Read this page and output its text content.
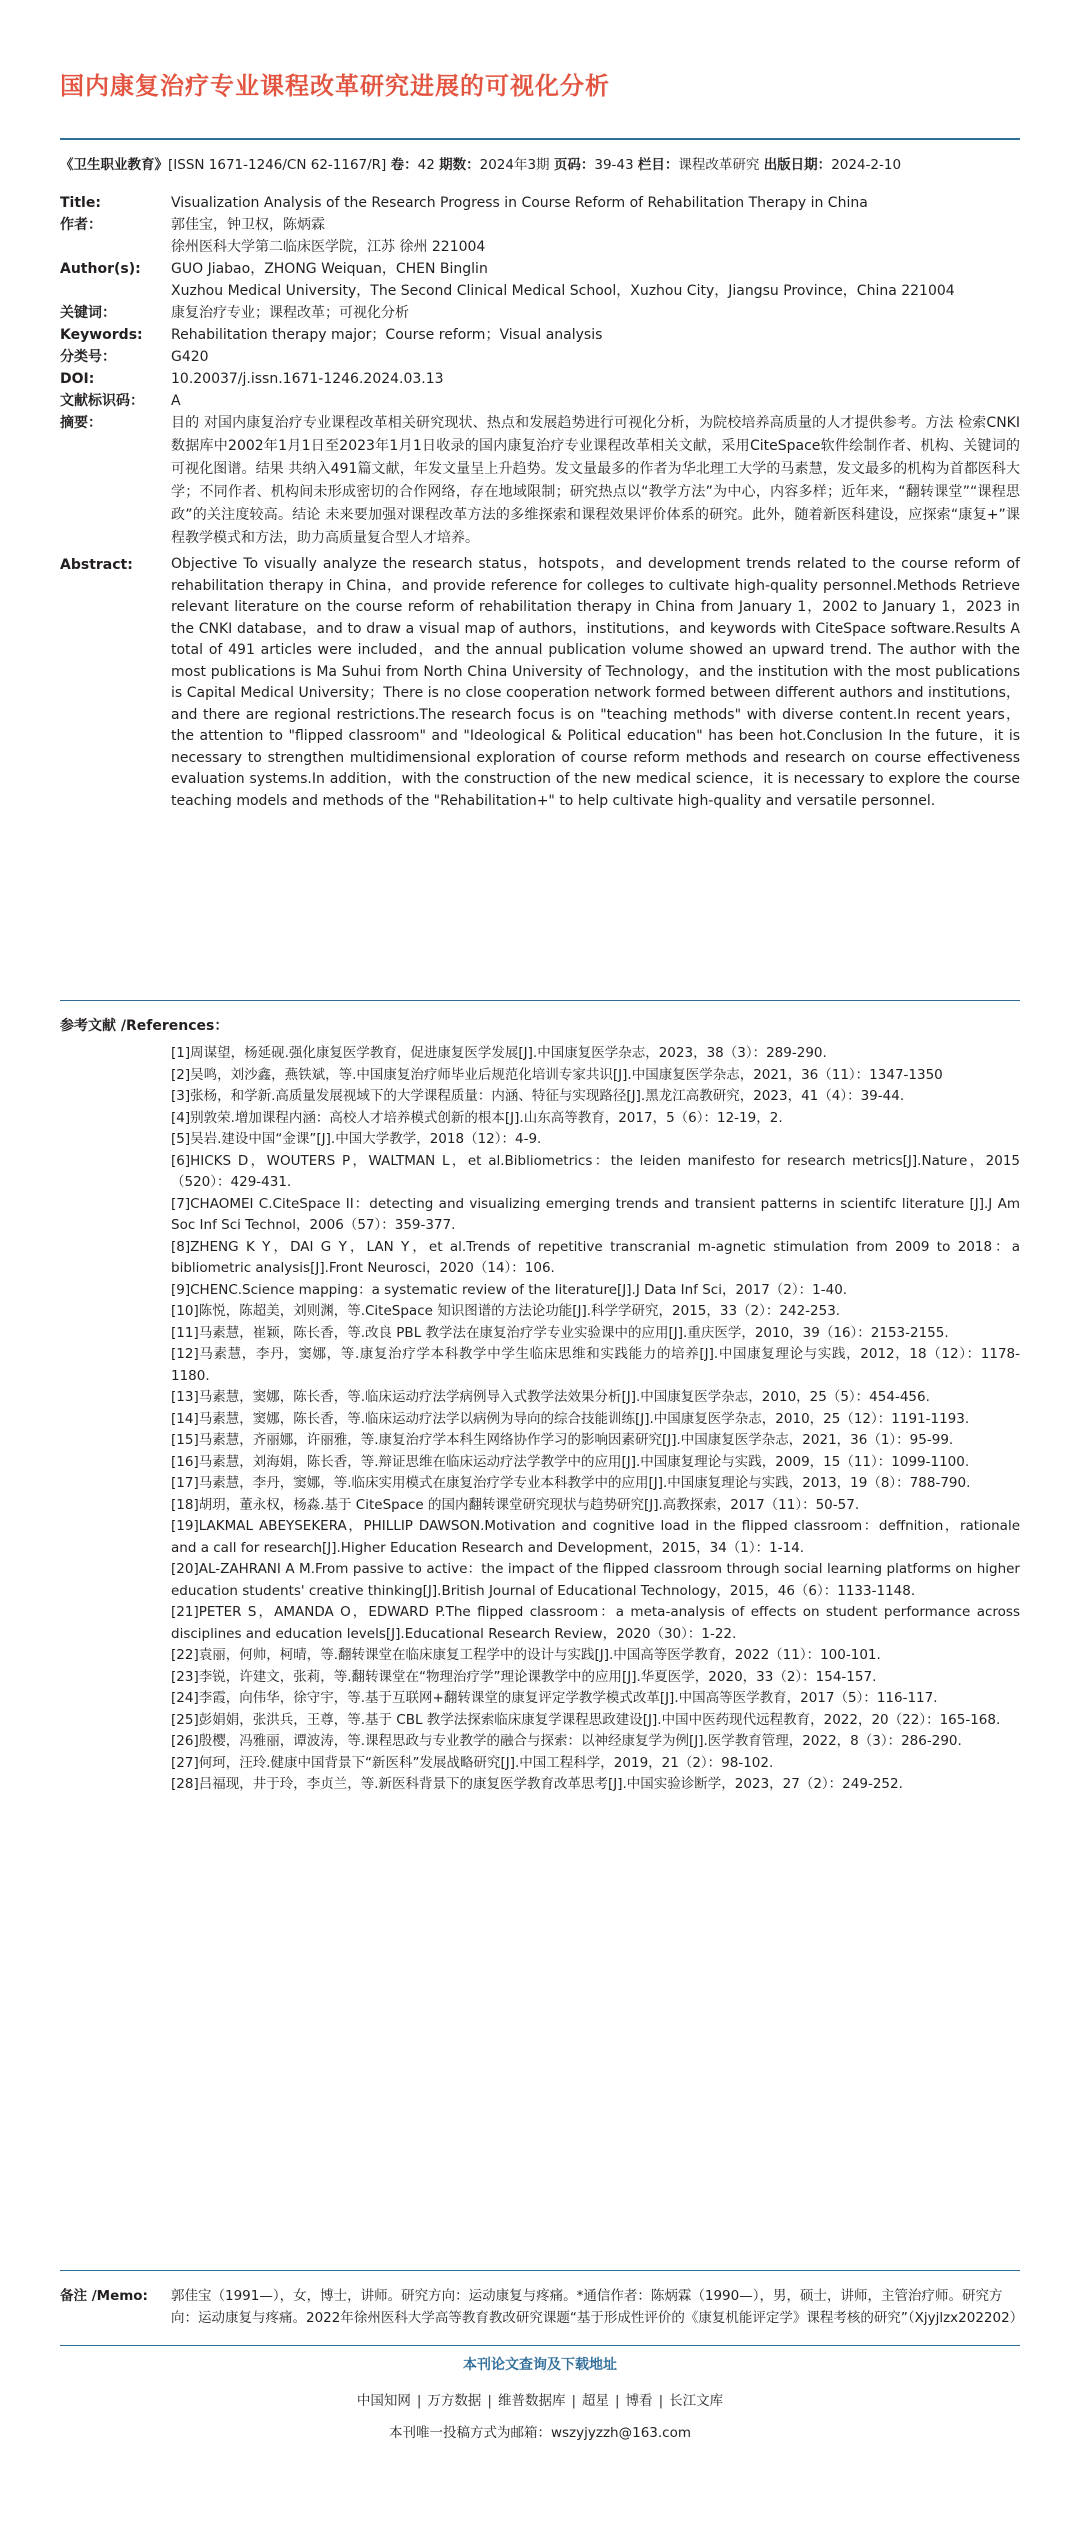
国内康复治疗专业课程改革研究进展的可视化分析
《卫生职业教育》[ISSN 1671-1246/CN 62-1167/R] 卷：42 期数：2024年3期 页码：39-43 栏目：课程改革研究 出版日期：2024-2-10
Title:	Visualization Analysis of the Research Progress in Course Reform of Rehabilitation Therapy in China
作者：	郭佳宝，钟卫权，陈炳霖
徐州医科大学第二临床医学院，江苏 徐州 221004
Author(s):	GUO Jiabao，ZHONG Weiquan，CHEN Binglin
Xuzhou Medical University，The Second Clinical Medical School，Xuzhou City，Jiangsu Province，China 221004
关键词：	康复治疗专业；课程改革；可视化分析
Keywords:	Rehabilitation therapy major；Course reform；Visual analysis
分类号：	G420
DOI:	10.20037/j.issn.1671-1246.2024.03.13
文献标识码：	A
摘要：	目的 对国内康复治疗专业课程改革相关研究现状、热点和发展趋势进行可视化分析，为院校培养高质量的人才提供参考。方法 检索CNKI数据库中2002年1月1日至2023年1月1日收录的国内康复治疗专业课程改革相关文献，采用CiteSpace软件绘制作者、机构、关键词的可视化图谱。结果 共纳入491篇文献，年发文量呈上升趋势。发文量最多的作者为华北理工大学的马素慧，发文最多的机构为首都医科大学；不同作者、机构间未形成密切的合作网络，存在地域限制；研究热点以“教学方法”为中心，内容多样；近年来，“翻转课堂”“课程思政”的关注度较高。结论 未来要加强对课程改革方法的多维探索和课程效果评价体系的研究。此外，随着新医科建设，应探索“康复+”课程教学模式和方法，助力高质量复合型人才培养。
Abstract:	Objective To visually analyze the research status，hotspots，and development trends related to the course reform of rehabilitation therapy in China，and provide reference for colleges to cultivate high-quality personnel.Methods Retrieve relevant literature on the course reform of rehabilitation therapy in China from January 1，2002 to January 1，2023 in the CNKI database，and to draw a visual map of authors，institutions，and keywords with CiteSpace software.Results A total of 491 articles were included，and the annual publication volume showed an upward trend. The author with the most publications is Ma Suhui from North China University of Technology，and the institution with the most publications is Capital Medical University；There is no close cooperation network formed between different authors and institutions，and there are regional restrictions.The research focus is on "teaching methods" with diverse content.In recent years，the attention to "flipped classroom" and "Ideological & Political education" has been hot.Conclusion In the future，it is necessary to strengthen multidimensional exploration of course reform methods and research on course effectiveness evaluation systems.In addition，with the construction of the new medical science，it is necessary to explore the course teaching models and methods of the "Rehabilitation+" to help cultivate high-quality and versatile personnel.
参考文献 /References：
[1]周谋望，杨延砚.强化康复医学教育，促进康复医学发展[J].中国康复医学杂志，2023，38（3）：289-290.
[2]吴鸣，刘沙鑫，燕铁斌，等.中国康复治疗师毕业后规范化培训专家共识[J].中国康复医学杂志，2021，36（11）：1347-1350
[3]张杨，和学新.高质量发展视域下的大学课程质量：内涵、特征与实现路径[J].黑龙江高教研究，2023，41（4）：39-44.
[4]别敦荣.增加课程内涵：高校人才培养模式创新的根本[J].山东高等教育，2017，5（6）：12-19，2.
[5]吴岩.建设中国“金课”[J].中国大学教学，2018（12）：4-9.
[6]HICKS D，WOUTERS P，WALTMAN L，et al.Bibliometrics：the leiden manifesto for research metrics[J].Nature，2015（520）：429-431.
[7]CHAOMEI C.CiteSpace II：detecting and visualizing emerging trends and transient patterns in scientifc literature [J].J Am Soc Inf Sci Technol，2006（57）：359-377.
[8]ZHENG K Y，DAI G Y，LAN Y，et al.Trends of repetitive transcranial m-agnetic stimulation from 2009 to 2018：a bibliometric analysis[J].Front Neurosci，2020（14）：106.
[9]CHENC.Science mapping：a systematic review of the literature[J].J Data Inf Sci，2017（2）：1-40.
[10]陈悦，陈超美，刘则渊，等.CiteSpace 知识图谱的方法论功能[J].科学学研究，2015，33（2）：242-253.
[11]马素慧，崔颖，陈长香，等.改良 PBL 教学法在康复治疗学专业实验课中的应用[J].重庆医学，2010，39（16）：2153-2155.
[12]马素慧，李丹，窦娜，等.康复治疗学本科教学中学生临床思维和实践能力的培养[J].中国康复理论与实践，2012，18（12）：1178-1180.
[13]马素慧，窦娜，陈长香，等.临床运动疗法学病例导入式教学法效果分析[J].中国康复医学杂志，2010，25（5）：454-456.
[14]马素慧，窦娜，陈长香，等.临床运动疗法学以病例为导向的综合技能训练[J].中国康复医学杂志，2010，25（12）：1191-1193.
[15]马素慧，齐丽娜，许丽雅，等.康复治疗学本科生网络协作学习的影响因素研究[J].中国康复医学杂志，2021，36（1）：95-99.
[16]马素慧，刘海娟，陈长香，等.辩证思维在临床运动疗法学教学中的应用[J].中国康复理论与实践，2009，15（11）：1099-1100.
[17]马素慧，李丹，窦娜，等.临床实用模式在康复治疗学专业本科教学中的应用[J].中国康复理论与实践，2013，19（8）：788-790.
[18]胡玥，董永权，杨淼.基于 CiteSpace 的国内翻转课堂研究现状与趋势研究[J].高教探索，2017（11）：50-57.
[19]LAKMAL ABEYSEKERA，PHILLIP DAWSON.Motivation and cognitive load in the flipped classroom：deffnition，rationale and a call for research[J].Higher Education Research and Development，2015，34（1）：1-14.
[20]AL-ZAHRANI A M.From passive to active：the impact of the flipped classroom through social learning platforms on higher education students' creative thinking[J].British Journal of Educational Technology，2015，46（6）：1133-1148.
[21]PETER S，AMANDA O，EDWARD P.The flipped classroom：a meta-analysis of effects on student performance across disciplines and education levels[J].Educational Research Review，2020（30）：1-22.
[22]袁丽，何帅，柯晴，等.翻转课堂在临床康复工程学中的设计与实践[J].中国高等医学教育，2022（11）：100-101.
[23]李锐，许建文，张莉，等.翻转课堂在“物理治疗学”理论课教学中的应用[J].华夏医学，2020，33（2）：154-157.
[24]李霞，向伟华，徐守宇，等.基于互联网+翻转课堂的康复评定学教学模式改革[J].中国高等医学教育，2017（5）：116-117.
[25]彭娟娟，张洪兵，王尊，等.基于 CBL 教学法探索临床康复学课程思政建设[J].中国中医药现代远程教育，2022，20（22）：165-168.
[26]殷樱，冯雅丽，谭波涛，等.课程思政与专业教学的融合与探索：以神经康复学为例[J].医学教育管理，2022，8（3）：286-290.
[27]何珂，汪玲.健康中国背景下“新医科”发展战略研究[J].中国工程科学，2019，21（2）：98-102.
[28]吕福现，井于玲，李贞兰，等.新医科背景下的康复医学教育改革思考[J].中国实验诊断学，2023，27（2）：249-252.
备注 /Memo:	郭佳宝（1991—），女，博士，讲师。研究方向：运动康复与疼痛。*通信作者：陈炳霖（1990—），男，硕士，讲师，主管治疗师。研究方向：运动康复与疼痛。2022年徐州医科大学高等教育教改研究课题“基于形成性评价的《康复机能评定学》课程考核的研究”（Xjyjlzx202202）
本刊论文查询及下载地址
中国知网 | 万方数据 | 维普数据库 | 超星 | 博看 | 长江文库
本刊唯一投稿方式为邮箱：wszyjyzzh@163.com
